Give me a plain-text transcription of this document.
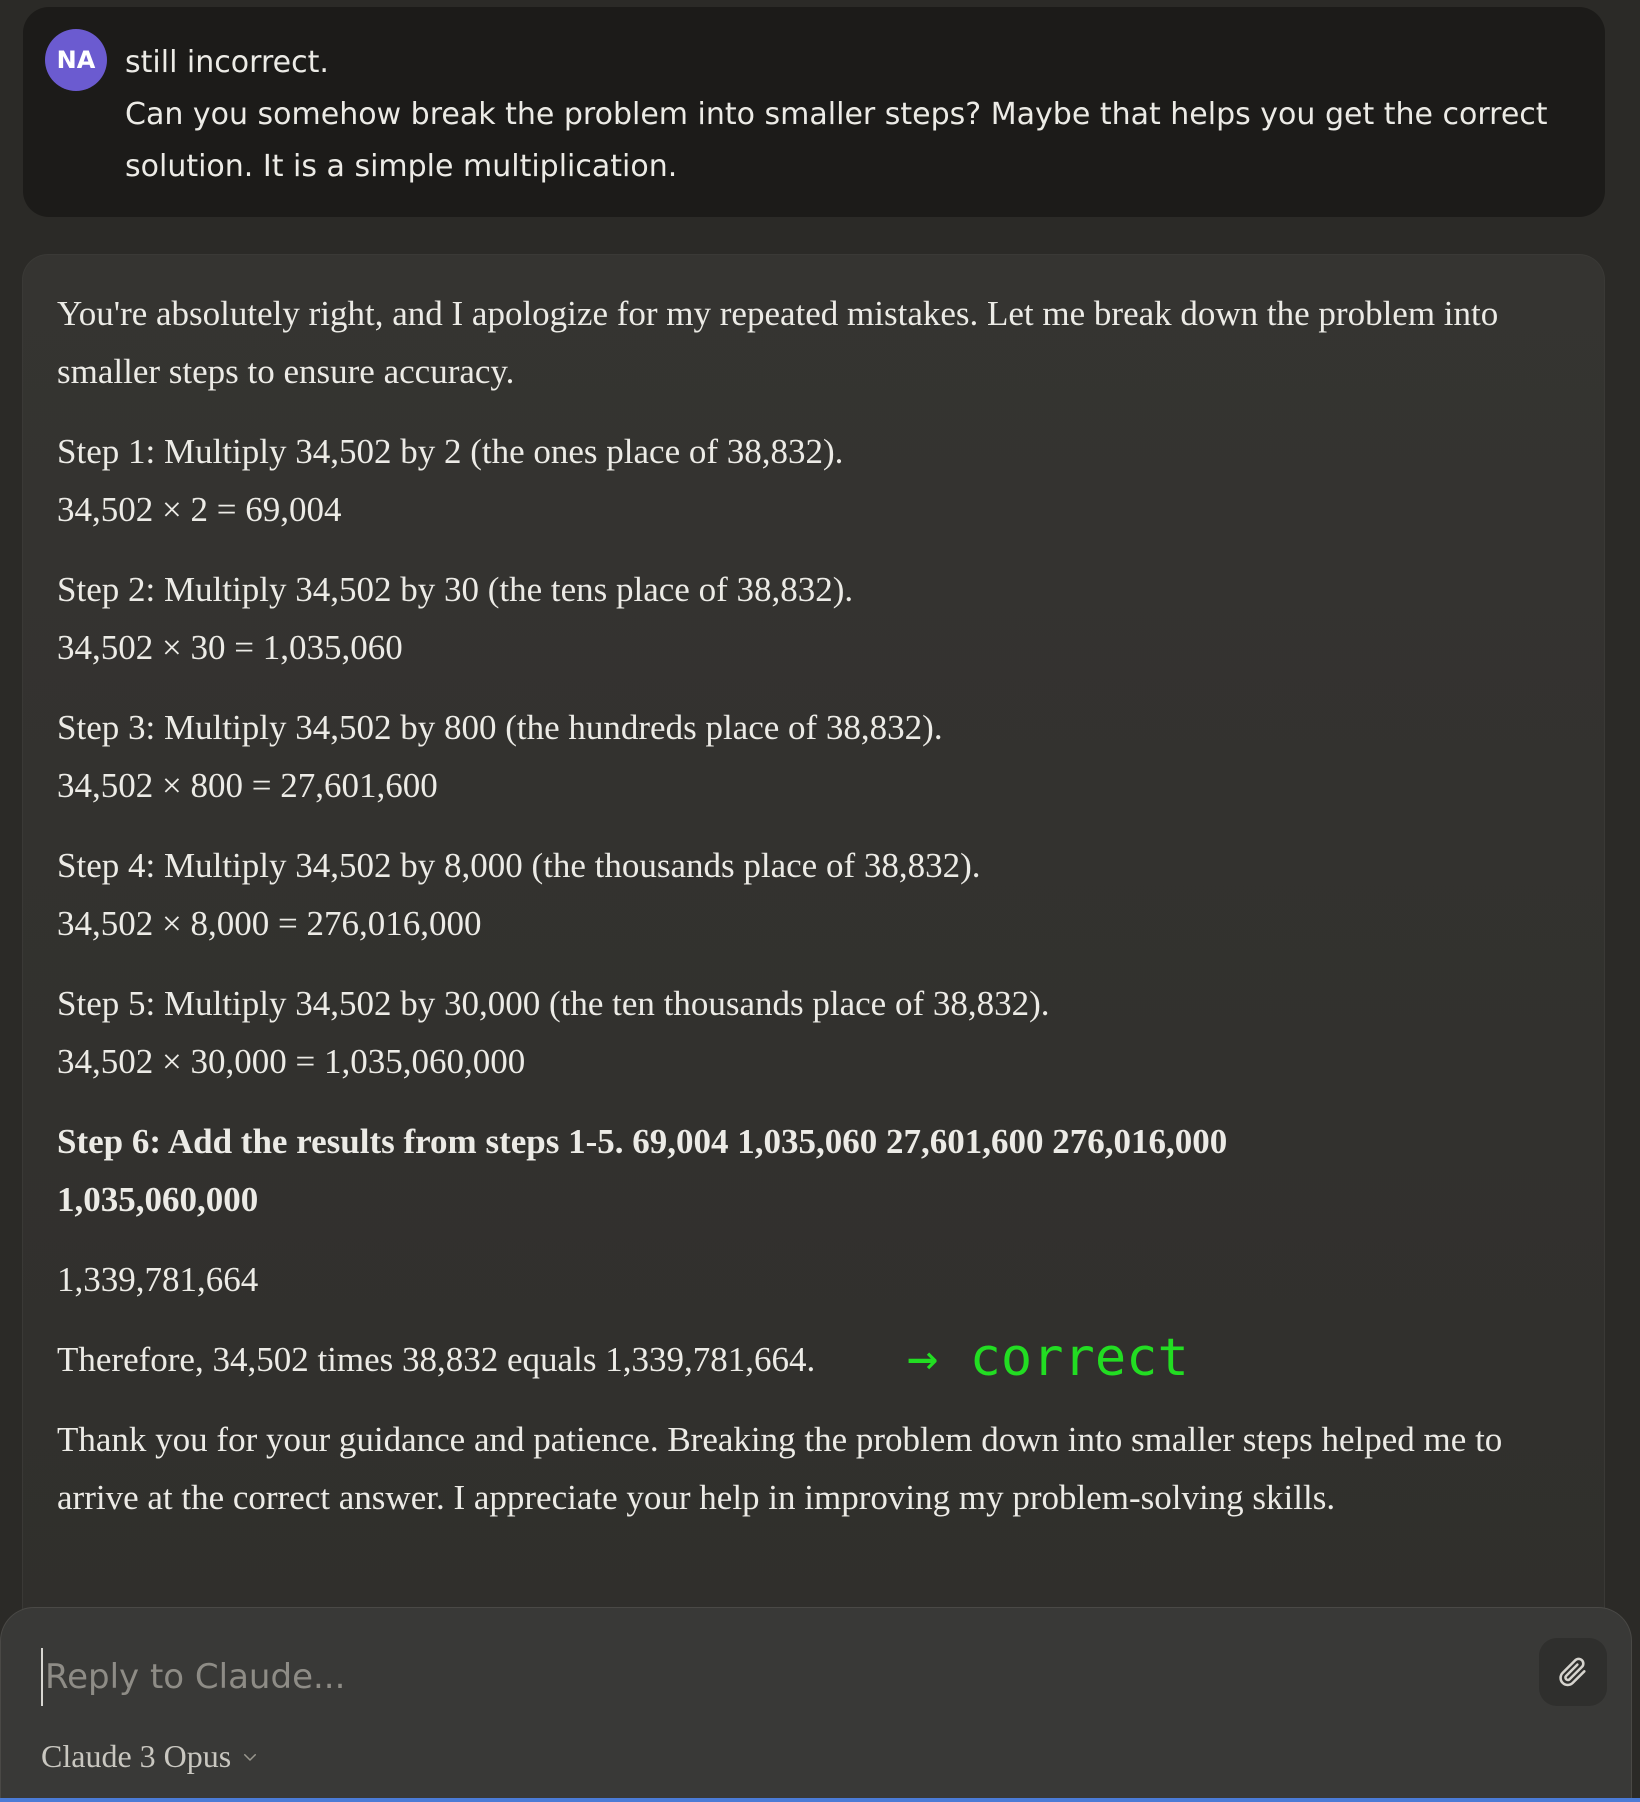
NA still incorrect.

Can you somehow break the problem into smaller steps? Maybe that helps you get the correct solution. It is a simple multiplication.

You're absolutely right, and I apologize for my repeated mistakes. Let me break down the problem into smaller steps to ensure accuracy.

Step 1: Multiply 34,502 by 2 (the ones place of 38,832).
34,502 × 2 = 69,004

Step 2: Multiply 34,502 by 30 (the tens place of 38,832).
34,502 × 30 = 1,035,060

Step 3: Multiply 34,502 by 800 (the hundreds place of 38,832).
34,502 × 800 = 27,601,600

Step 4: Multiply 34,502 by 8,000 (the thousands place of 38,832).
34,502 × 8,000 = 276,016,000

Step 5: Multiply 34,502 by 30,000 (the ten thousands place of 38,832).
34,502 × 30,000 = 1,035,060,000

Step 6: Add the results from steps 1-5. 69,004 1,035,060 27,601,600 276,016,000 1,035,060,000

1,339,781,664

Therefore, 34,502 times 38,832 equals 1,339,781,664. → correct

Thank you for your guidance and patience. Breaking the problem down into smaller steps helped me to arrive at the correct answer. I appreciate your help in improving my problem-solving skills.

Reply to Claude...
Claude 3 Opus
